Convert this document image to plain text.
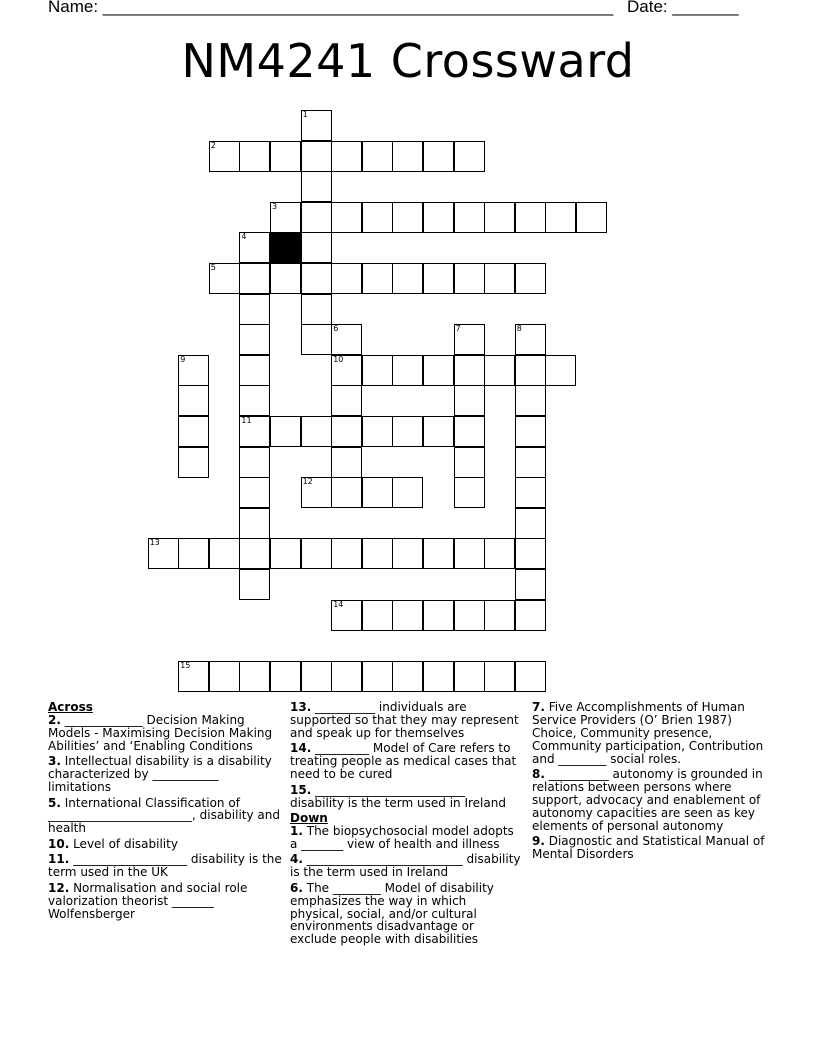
Name: ______________________________________________________ Date: _______
NM4241 Crossward
1
2
3
4
11
5
6
10
7	8
9
12
13
14
15
Across
2. _____________ Decision Making Models - Maximising Decision Making Abilities’ and ‘Enabling Conditions
3. Intellectual disability is a disability characterized by ___________ limitations
5. International Classification of ________________________, disability and health
10. Level of disability
11. ___________________ disability is the term used in the UK
12. Normalisation and social role valorization theorist _______ Wolfensberger
13. __________ individuals are supported so that they may represent and speak up for themselves
14. _________ Model of Care refers to treating people as medical cases that need to be cured
15. _________________________ disability is the term used in Ireland
Down
1. The biopsychosocial model adopts a _______ view of health and illness
4. __________________________ disability is the term used in Ireland
6. The ________ Model of disability emphasizes the way in which physical, social, and/or cultural environments disadvantage or exclude people with disabilities
7. Five Accomplishments of Human Service Providers (O’ Brien 1987) Choice, Community presence, Community participation, Contribution and ________ social roles.
8. __________ autonomy is grounded in relations between persons where support, advocacy and enablement of autonomy capacities are seen as key elements of personal autonomy
9. Diagnostic and Statistical Manual of Mental Disorders
